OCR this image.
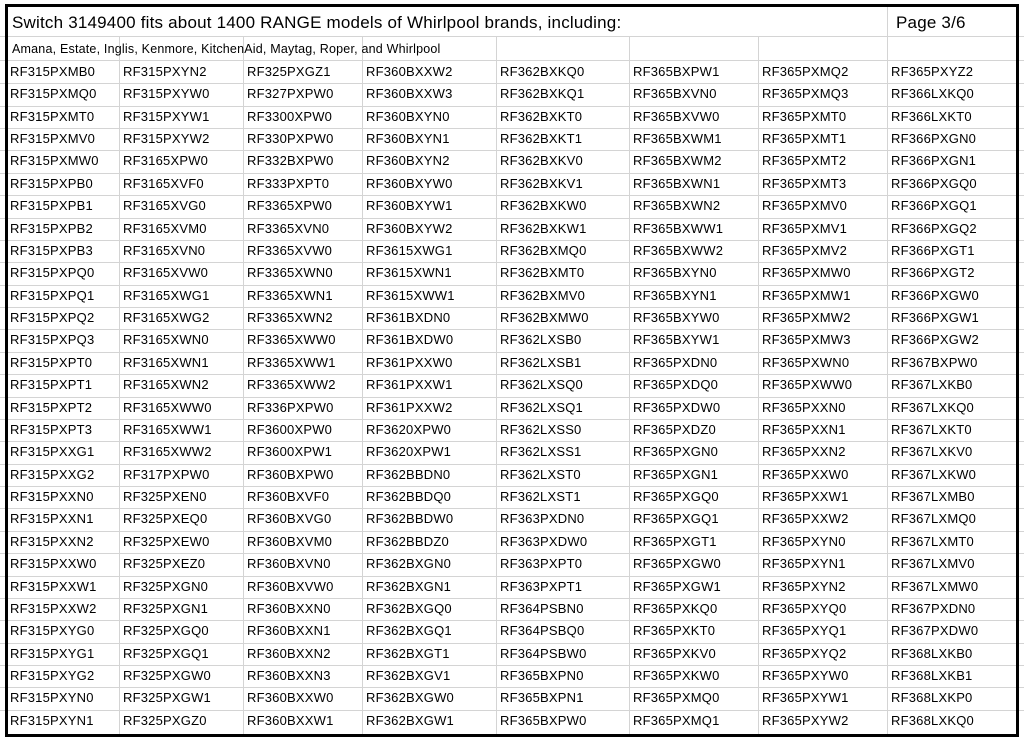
Switch 3149400 fits about 1400 RANGE models of Whirlpool brands, including:	Page 3/6
Amana, Estate, Inglis, Kenmore, KitchenAid, Maytag, Roper, and Whirlpool
RF315PXMB0
RF315PXMQ0
RF315PXMT0
RF315PXMV0
RF315PXMW0
RF315PXPB0
RF315PXPB1
RF315PXPB2
RF315PXPB3
RF315PXPQ0
RF315PXPQ1
RF315PXPQ2
RF315PXPQ3
RF315PXPT0
RF315PXPT1
RF315PXPT2
RF315PXPT3
RF315PXXG1
RF315PXXG2
RF315PXXN0
RF315PXXN1
RF315PXXN2
RF315PXXW0
RF315PXXW1
RF315PXXW2
RF315PXYG0
RF315PXYG1
RF315PXYG2
RF315PXYN0
RF315PXYN1
RF315PXYN2
RF315PXYW0
RF315PXYW1
RF315PXYW2
RF3165XPW0
RF3165XVF0
RF3165XVG0
RF3165XVM0
RF3165XVN0
RF3165XVW0
RF3165XWG1
RF3165XWG2
RF3165XWN0
RF3165XWN1
RF3165XWN2
RF3165XWW0
RF3165XWW1
RF3165XWW2
RF317PXPW0
RF325PXEN0
RF325PXEQ0
RF325PXEW0
RF325PXEZ0
RF325PXGN0
RF325PXGN1
RF325PXGQ0
RF325PXGQ1
RF325PXGW0
RF325PXGW1
RF325PXGZ0
RF325PXGZ1
RF327PXPW0
RF3300XPW0
RF330PXPW0
RF332BXPW0
RF333PXPT0
RF3365XPW0
RF3365XVN0
RF3365XVW0
RF3365XWN0
RF3365XWN1
RF3365XWN2
RF3365XWW0
RF3365XWW1
RF3365XWW2
RF336PXPW0
RF3600XPW0
RF3600XPW1
RF360BXPW0
RF360BXVF0
RF360BXVG0
RF360BXVM0
RF360BXVN0
RF360BXVW0
RF360BXXN0
RF360BXXN1
RF360BXXN2
RF360BXXN3
RF360BXXW0
RF360BXXW1
RF360BXXW2
RF360BXXW3
RF360BXYN0
RF360BXYN1
RF360BXYN2
RF360BXYW0
RF360BXYW1
RF360BXYW2
RF3615XWG1
RF3615XWN1
RF3615XWW1
RF361BXDN0
RF361BXDW0
RF361PXXW0
RF361PXXW1
RF361PXXW2
RF3620XPW0
RF3620XPW1
RF362BBDN0
RF362BBDQ0
RF362BBDW0
RF362BBDZ0
RF362BXGN0
RF362BXGN1
RF362BXGQ0
RF362BXGQ1
RF362BXGT1
RF362BXGV1
RF362BXGW0
RF362BXGW1
RF362BXKQ0
RF362BXKQ1
RF362BXKT0
RF362BXKT1
RF362BXKV0
RF362BXKV1
RF362BXKW0
RF362BXKW1
RF362BXMQ0
RF362BXMT0
RF362BXMV0
RF362BXMW0
RF362LXSB0
RF362LXSB1
RF362LXSQ0
RF362LXSQ1
RF362LXSS0
RF362LXSS1
RF362LXST0
RF362LXST1
RF363PXDN0
RF363PXDW0
RF363PXPT0
RF363PXPT1
RF364PSBN0
RF364PSBQ0
RF364PSBW0
RF365BXPN0
RF365BXPN1
RF365BXPW0
RF365BXPW1
RF365BXVN0
RF365BXVW0
RF365BXWM1
RF365BXWM2
RF365BXWN1
RF365BXWN2
RF365BXWW1
RF365BXWW2
RF365BXYN0
RF365BXYN1
RF365BXYW0
RF365BXYW1
RF365PXDN0
RF365PXDQ0
RF365PXDW0
RF365PXDZ0
RF365PXGN0
RF365PXGN1
RF365PXGQ0
RF365PXGQ1
RF365PXGT1
RF365PXGW0
RF365PXGW1
RF365PXKQ0
RF365PXKT0
RF365PXKV0
RF365PXKW0
RF365PXMQ0
RF365PXMQ1
RF365PXMQ2
RF365PXMQ3
RF365PXMT0
RF365PXMT1
RF365PXMT2
RF365PXMT3
RF365PXMV0
RF365PXMV1
RF365PXMV2
RF365PXMW0
RF365PXMW1
RF365PXMW2
RF365PXMW3
RF365PXWN0
RF365PXWW0
RF365PXXN0
RF365PXXN1
RF365PXXN2
RF365PXXW0
RF365PXXW1
RF365PXXW2
RF365PXYN0
RF365PXYN1
RF365PXYN2
RF365PXYQ0
RF365PXYQ1
RF365PXYQ2
RF365PXYW0
RF365PXYW1
RF365PXYW2
RF365PXYZ2
RF366LXKQ0
RF366LXKT0
RF366PXGN0
RF366PXGN1
RF366PXGQ0
RF366PXGQ1
RF366PXGQ2
RF366PXGT1
RF366PXGT2
RF366PXGW0
RF366PXGW1
RF366PXGW2
RF367BXPW0
RF367LXKB0
RF367LXKQ0
RF367LXKT0
RF367LXKV0
RF367LXKW0
RF367LXMB0
RF367LXMQ0
RF367LXMT0
RF367LXMV0
RF367LXMW0
RF367PXDN0
RF367PXDW0
RF368LXKB0
RF368LXKB1
RF368LXKP0
RF368LXKQ0
